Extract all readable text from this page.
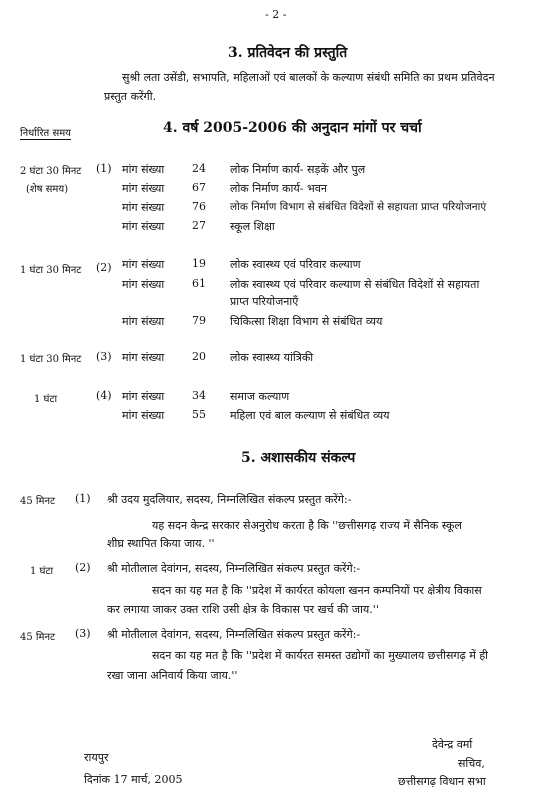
- 2 -
3. प्रतिवेदन की प्रस्तुति
सुश्री लता उसेंडी, सभापति, महिलाओं एवं बालकों के कल्याण संबंधी समिति का प्रथम प्रतिवेदन
प्रस्तुत करेंगी.
4. वर्ष 2005-2006 की अनुदान मांगों पर चर्चा
निर्धारित समय
2 घंटा 30 मिनट
(शेष समय)
(1) मांग संख्या	24 लोक निर्माण कार्य- सड़कें और पुल
मांग संख्या	67 लोक निर्माण कार्य- भवन
मांग संख्या	76 लोक निर्माण विभाग से संबंधित विदेशों से सहायता प्राप्त परियोजनाएं
मांग संख्या	27 स्कूल शिक्षा
1 घंटा 30 मिनट (2) मांग संख्या	19 लोक स्वास्थ्य एवं परिवार कल्याण
मांग संख्या	61 लोक स्वास्थ्य एवं परिवार कल्याण से संबंधित विदेशों से सहायता
प्राप्त परियोजनाएँ
मांग संख्या	79 चिकित्सा शिक्षा विभाग से संबंधित व्यय
1 घंटा 30 मिनट (3) मांग संख्या	20 लोक स्वास्थ्य यांत्रिकी
1 घंटा	(4) मांग संख्या	34 समाज कल्याण
मांग संख्या	55 महिला एवं बाल कल्याण से संबंधित व्यय
5. अशासकीय संकल्प
45 मिनट (1) श्री उदय मुदलियार, सदस्य, निम्नलिखित संकल्प प्रस्तुत करेंगे:-
यह सदन केन्द्र सरकार सेअनुरोध करता है कि ''छत्तीसगढ़ राज्य में सैनिक स्कूल
शीघ्र स्थापित किया जाय. ''
1 घंटा (2) श्री मोतीलाल देवांगन, सदस्य, निम्नलिखित संकल्प प्रस्तुत करेंगे:-
सदन का यह मत है कि ''प्रदेश में कार्यरत कोयला खनन कम्पनियों पर क्षेत्रीय विकास
कर लगाया जाकर उक्त राशि उसी क्षेत्र के विकास पर खर्च की जाय.''
45 मिनट (3) श्री मोतीलाल देवांगन, सदस्य, निम्नलिखित संकल्प प्रस्तुत करेंगे:-
सदन का यह मत है कि ''प्रदेश में कार्यरत समस्त उद्योगों का मुख्यालय छत्तीसगढ़ में ही
रखा जाना अनिवार्य किया जाय.''
देवेन्द्र वर्मा
सचिव,
छत्तीसगढ़ विधान सभा
रायपुर
दिनांक 17 मार्च, 2005
